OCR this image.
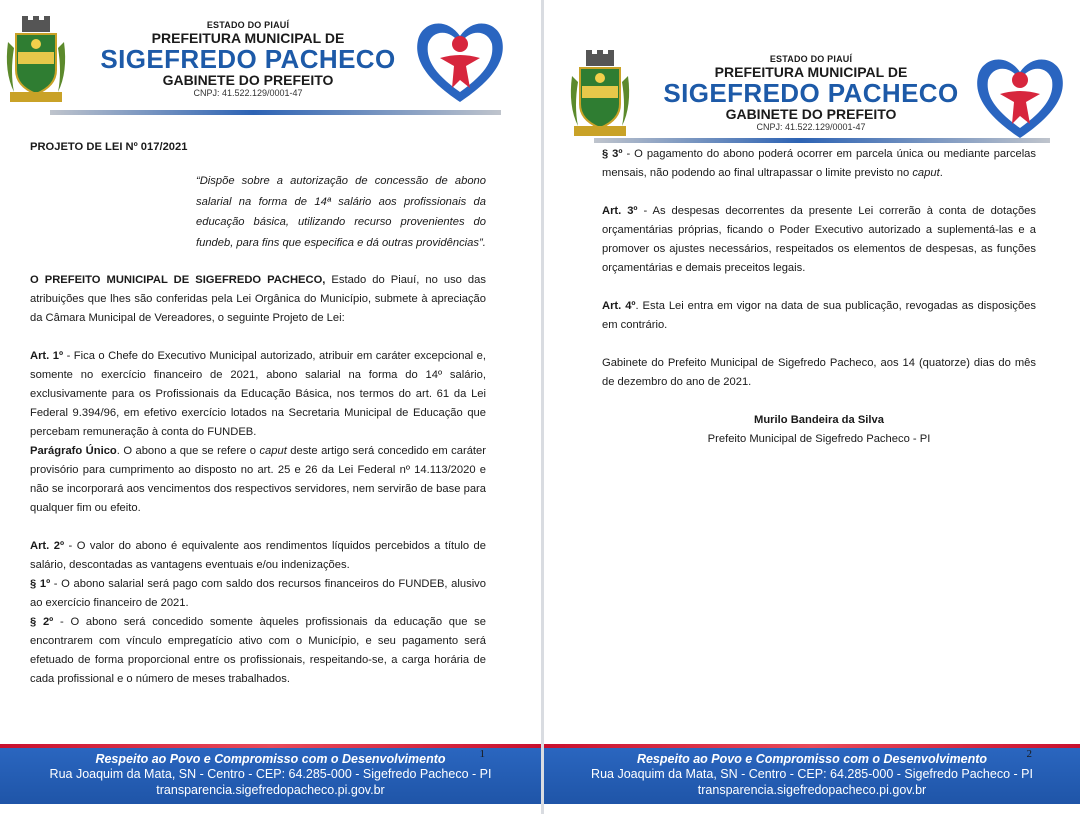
ESTADO DO PIAUÍ
PREFEITURA MUNICIPAL DE
SIGEFREDO PACHECO
GABINETE DO PREFEITO
CNPJ: 41.522.129/0001-47
PROJETO DE LEI Nº 017/2021
“Dispõe sobre a autorização de concessão de abono salarial na forma de 14ª salário aos profissionais da educação básica, utilizando recurso provenientes do fundeb, para fins que especifica e dá outras providências”.

O PREFEITO MUNICIPAL DE SIGEFREDO PACHECO, Estado do Piauí, no uso das atribuições que lhes são conferidas pela Lei Orgânica do Município, submete à apreciação da Câmara Municipal de Vereadores, o seguinte Projeto de Lei:

Art. 1º - Fica o Chefe do Executivo Municipal autorizado, atribuir em caráter excepcional e, somente no exercício financeiro de 2021, abono salarial na forma do 14º salário, exclusivamente para os Profissionais da Educação Básica, nos termos do art. 61 da Lei Federal 9.394/96, em efetivo exercício lotados na Secretaria Municipal de Educação que percebam remuneração à conta do FUNDEB.

Parágrafo Único. O abono a que se refere o caput deste artigo será concedido em caráter provisório para cumprimento ao disposto no art. 25 e 26 da Lei Federal nº 14.113/2020 e não se incorporará aos vencimentos dos respectivos servidores, nem servirão de base para qualquer fim ou efeito.

Art. 2º - O valor do abono é equivalente aos rendimentos líquidos percebidos a título de salário, descontadas as vantagens eventuais e/ou indenizações.

§ 1º - O abono salarial será pago com saldo dos recursos financeiros do FUNDEB, alusivo ao exercício financeiro de 2021.

§ 2º - O abono será concedido somente àqueles profissionais da educação que se encontrarem com vínculo empregatício ativo com o Município, e seu pagamento será efetuado de forma proporcional entre os profissionais, respeitando-se, a carga horária de cada profissional e o número de meses trabalhados.

1
Respeito ao Povo e Compromisso com o Desenvolvimento
Rua Joaquim da Mata, SN - Centro - CEP: 64.285-000 - Sigefredo Pacheco - PI
transparencia.sigefredopacheco.pi.gov.br
ESTADO DO PIAUÍ
PREFEITURA MUNICIPAL DE
SIGEFREDO PACHECO
GABINETE DO PREFEITO
CNPJ: 41.522.129/0001-47

§ 3º - O pagamento do abono poderá ocorrer em parcela única ou mediante parcelas mensais, não podendo ao final ultrapassar o limite previsto no caput.

Art. 3º - As despesas decorrentes da presente Lei correrão à conta de dotações orçamentárias próprias, ficando o Poder Executivo autorizado a suplementá-las e a promover os ajustes necessários, respeitados os elementos de despesas, as funções orçamentárias e demais preceitos legais.

Art. 4º. Esta Lei entra em vigor na data de sua publicação, revogadas as disposições em contrário.

Gabinete do Prefeito Municipal de Sigefredo Pacheco, aos 14 (quatorze) dias do mês de dezembro do ano de 2021.

Murilo Bandeira da Silva
Prefeito Municipal de Sigefredo Pacheco - PI
2
Respeito ao Povo e Compromisso com o Desenvolvimento
Rua Joaquim da Mata, SN - Centro - CEP: 64.285-000 - Sigefredo Pacheco - PI
transparencia.sigefredopacheco.pi.gov.br
